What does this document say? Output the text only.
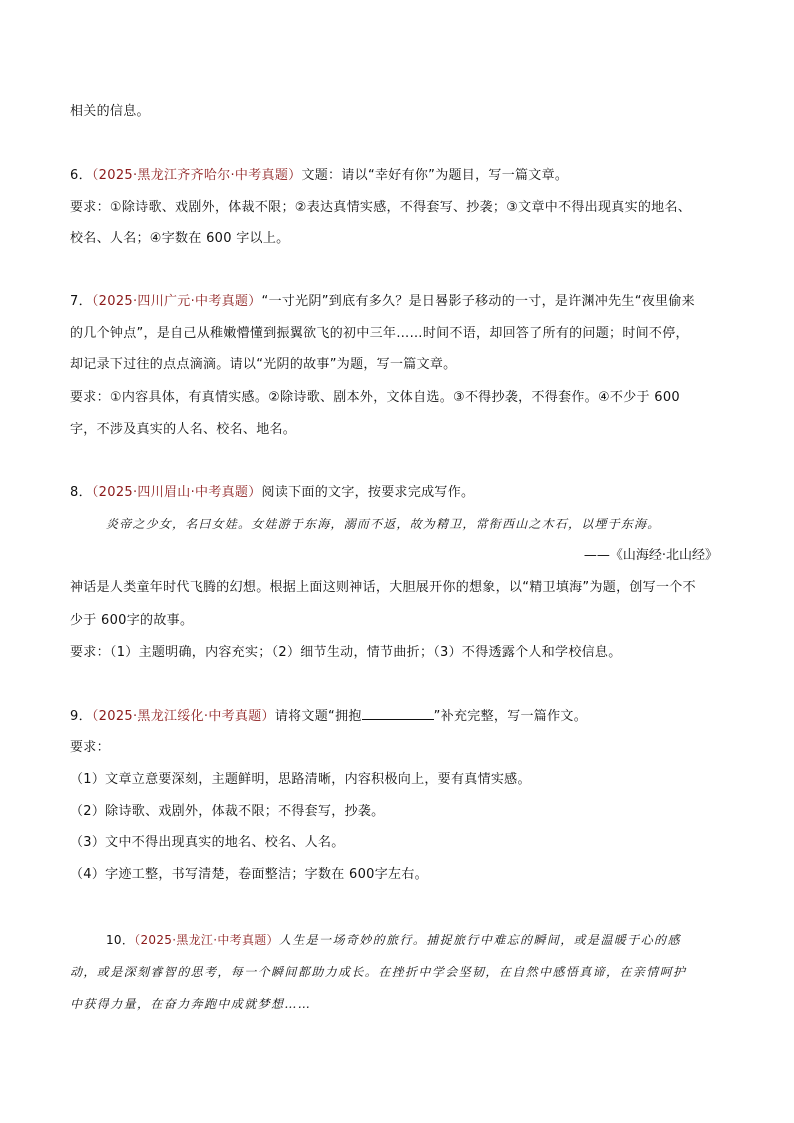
相关的信息。
6．（2025·黑龙江齐齐哈尔·中考真题）文题：请以“幸好有你”为题目，写一篇文章。
要求：①除诗歌、戏剧外，体裁不限；②表达真情实感，不得套写、抄袭；③文章中不得出现真实的地名、
校名、人名；④字数在 600 字以上。
7．（2025·四川广元·中考真题）“一寸光阴”到底有多久？是日晷影子移动的一寸，是许渊冲先生“夜里偷来
的几个钟点”，是自己从稚嫩懵懂到振翼欲飞的初中三年……时间不语，却回答了所有的问题；时间不停，
却记录下过往的点点滴滴。请以“光阴的故事”为题，写一篇文章。
要求：①内容具体，有真情实感。②除诗歌、剧本外，文体自选。③不得抄袭，不得套作。④不少于 600
字，不涉及真实的人名、校名、地名。
8．（2025·四川眉山·中考真题）阅读下面的文字，按要求完成写作。
炎帝之少女，名曰女娃。女娃游于东海，溺而不返，故为精卫，常衔西山之木石，以堙于东海。
——《山海经·北山经》
神话是人类童年时代飞腾的幻想。根据上面这则神话，大胆展开你的想象，以“精卫填海”为题，创写一个不
少于 600字的故事。
要求：（1）主题明确，内容充实；（2）细节生动，情节曲折；（3）不得透露个人和学校信息。
9．（2025·黑龙江绥化·中考真题）请将文题“拥抱	”补充完整，写一篇作文。
要求：
（1）文章立意要深刻，主题鲜明，思路清晰，内容积极向上，要有真情实感。
（2）除诗歌、戏剧外，体裁不限；不得套写，抄袭。
（3）文中不得出现真实的地名、校名、人名。
（4）字迹工整，书写清楚，卷面整洁；字数在 600字左右。
10．（2025·黑龙江·中考真题）人生是一场奇妙的旅行。捕捉旅行中难忘的瞬间，或是温暖于心的感
动，或是深刻睿智的思考，每一个瞬间都助力成长。在挫折中学会坚韧，在自然中感悟真谛，在亲情呵护
中获得力量，在奋力奔跑中成就梦想……
